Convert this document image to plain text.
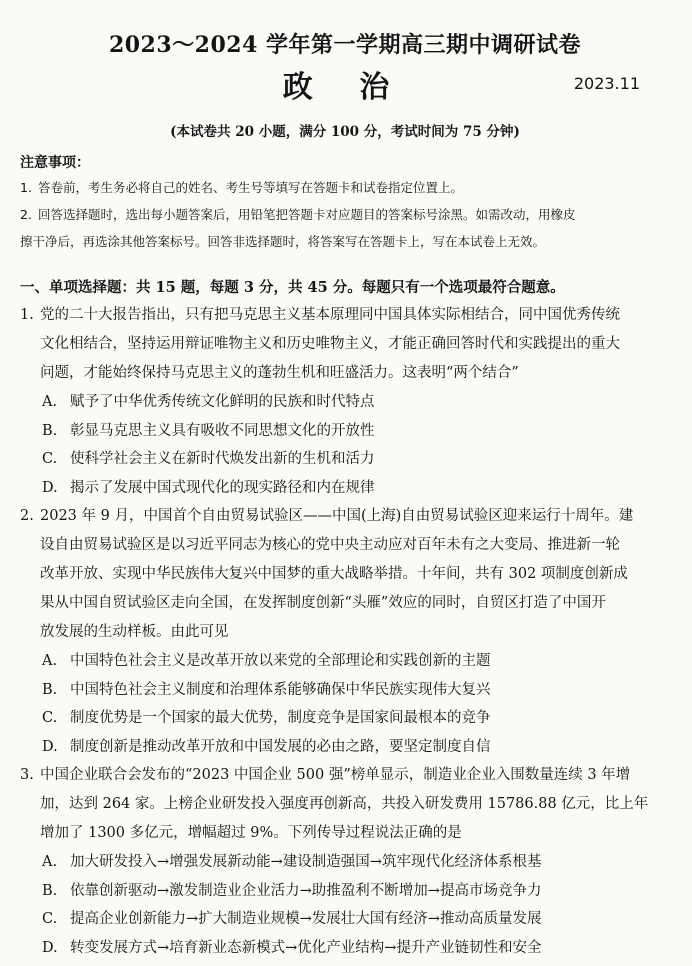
2023～2024 学年第一学期高三期中调研试卷
政 治	2023.11
(本试卷共 20 小题，满分 100 分，考试时间为 75 分钟)
注意事项：

1. 答卷前，考生务必将自己的姓名、考生号等填写在答题卡和试卷指定位置上。

2. 回答选择题时，选出每小题答案后，用铅笔把答题卡对应题目的答案标号涂黑。如需改动，用橡皮

擦干净后，再选涂其他答案标号。回答非选择题时，将答案写在答题卡上，写在本试卷上无效。

一、单项选择题：共 15 题，每题 3 分，共 45 分。每题只有一个选项最符合题意。

1. 党的二十大报告指出，只有把马克思主义基本原理同中国具体实际相结合，同中国优秀传统

文化相结合，坚持运用辩证唯物主义和历史唯物主义，才能正确回答时代和实践提出的重大

问题，才能始终保持马克思主义的蓬勃生机和旺盛活力。这表明“两个结合”

A. 赋予了中华优秀传统文化鲜明的民族和时代特点

B. 彰显马克思主义具有吸收不同思想文化的开放性

C. 使科学社会主义在新时代焕发出新的生机和活力

D. 揭示了发展中国式现代化的现实路径和内在规律

2. 2023 年 9 月，中国首个自由贸易试验区——中国(上海)自由贸易试验区迎来运行十周年。建

设自由贸易试验区是以习近平同志为核心的党中央主动应对百年未有之大变局、推进新一轮

改革开放、实现中华民族伟大复兴中国梦的重大战略举措。十年间，共有 302 项制度创新成

果从中国自贸试验区走向全国，在发挥制度创新“头雁”效应的同时，自贸区打造了中国开

放发展的生动样板。由此可见

A. 中国特色社会主义是改革开放以来党的全部理论和实践创新的主题

B. 中国特色社会主义制度和治理体系能够确保中华民族实现伟大复兴

C. 制度优势是一个国家的最大优势，制度竞争是国家间最根本的竞争

D. 制度创新是推动改革开放和中国发展的必由之路，要坚定制度自信

3. 中国企业联合会发布的“2023 中国企业 500 强”榜单显示，制造业企业入围数量连续 3 年增

加，达到 264 家。上榜企业研发投入强度再创新高，共投入研发费用 15786.88 亿元，比上年

增加了 1300 多亿元，增幅超过 9%。下列传导过程说法正确的是

A. 加大研发投入→增强发展新动能→建设制造强国→筑牢现代化经济体系根基

B. 依靠创新驱动→激发制造业企业活力→助推盈利不断增加→提高市场竞争力

C. 提高企业创新能力→扩大制造业规模→发展壮大国有经济→推动高质量发展

D. 转变发展方式→培育新业态新模式→优化产业结构→提升产业链韧性和安全
